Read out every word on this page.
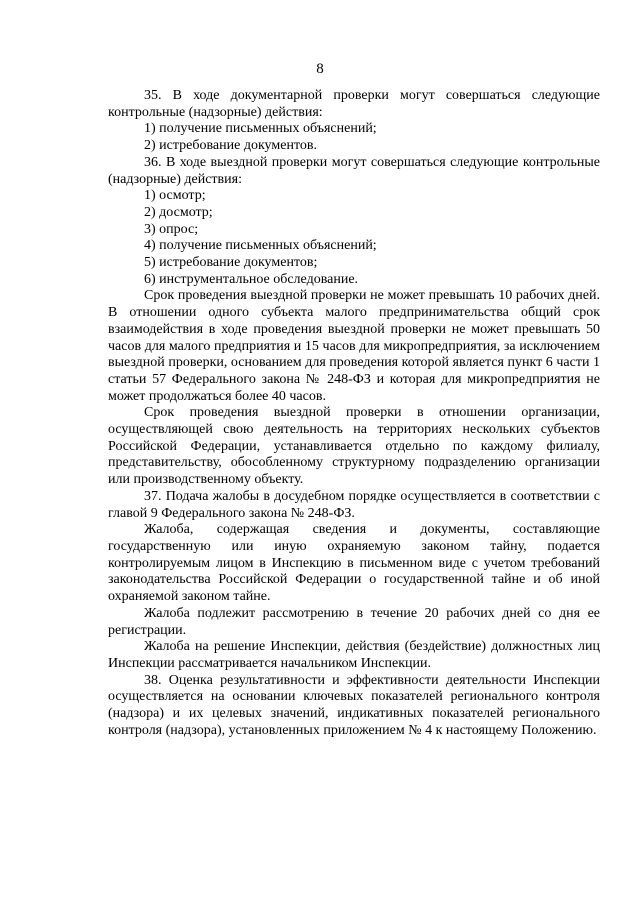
8

35. В ходе документарной проверки могут совершаться следующие контрольные (надзорные) действия:

1) получение письменных объяснений;

2) истребование документов.

36. В ходе выездной проверки могут совершаться следующие контрольные (надзорные) действия:

1) осмотр;

2) досмотр;

3) опрос;

4) получение письменных объяснений;

5) истребование документов;

6) инструментальное обследование.

Срок проведения выездной проверки не может превышать 10 рабочих дней. В отношении одного субъекта малого предпринимательства общий срок взаимодействия в ходе проведения выездной проверки не может превышать 50 часов для малого предприятия и 15 часов для микропредприятия, за исключением выездной проверки, основанием для проведения которой является пункт 6 части 1 статьи 57 Федерального закона № 248-ФЗ и которая для микропредприятия не может продолжаться более 40 часов.

Срок проведения выездной проверки в отношении организации, осуществляющей свою деятельность на территориях нескольких субъектов Российской Федерации, устанавливается отдельно по каждому филиалу, представительству, обособленному структурному подразделению организации или производственному объекту.

37. Подача жалобы в досудебном порядке осуществляется в соответствии с главой 9 Федерального закона № 248-ФЗ.

Жалоба, содержащая сведения и документы, составляющие государственную или иную охраняемую законом тайну, подается контролируемым лицом в Инспекцию в письменном виде с учетом требований законодательства Российской Федерации о государственной тайне и об иной охраняемой законом тайне.

Жалоба подлежит рассмотрению в течение 20 рабочих дней со дня ее регистрации.

Жалоба на решение Инспекции, действия (бездействие) должностных лиц Инспекции рассматривается начальником Инспекции.

38. Оценка результативности и эффективности деятельности Инспекции осуществляется на основании ключевых показателей регионального контроля (надзора) и их целевых значений, индикативных показателей регионального контроля (надзора), установленных приложением № 4 к настоящему Положению.
